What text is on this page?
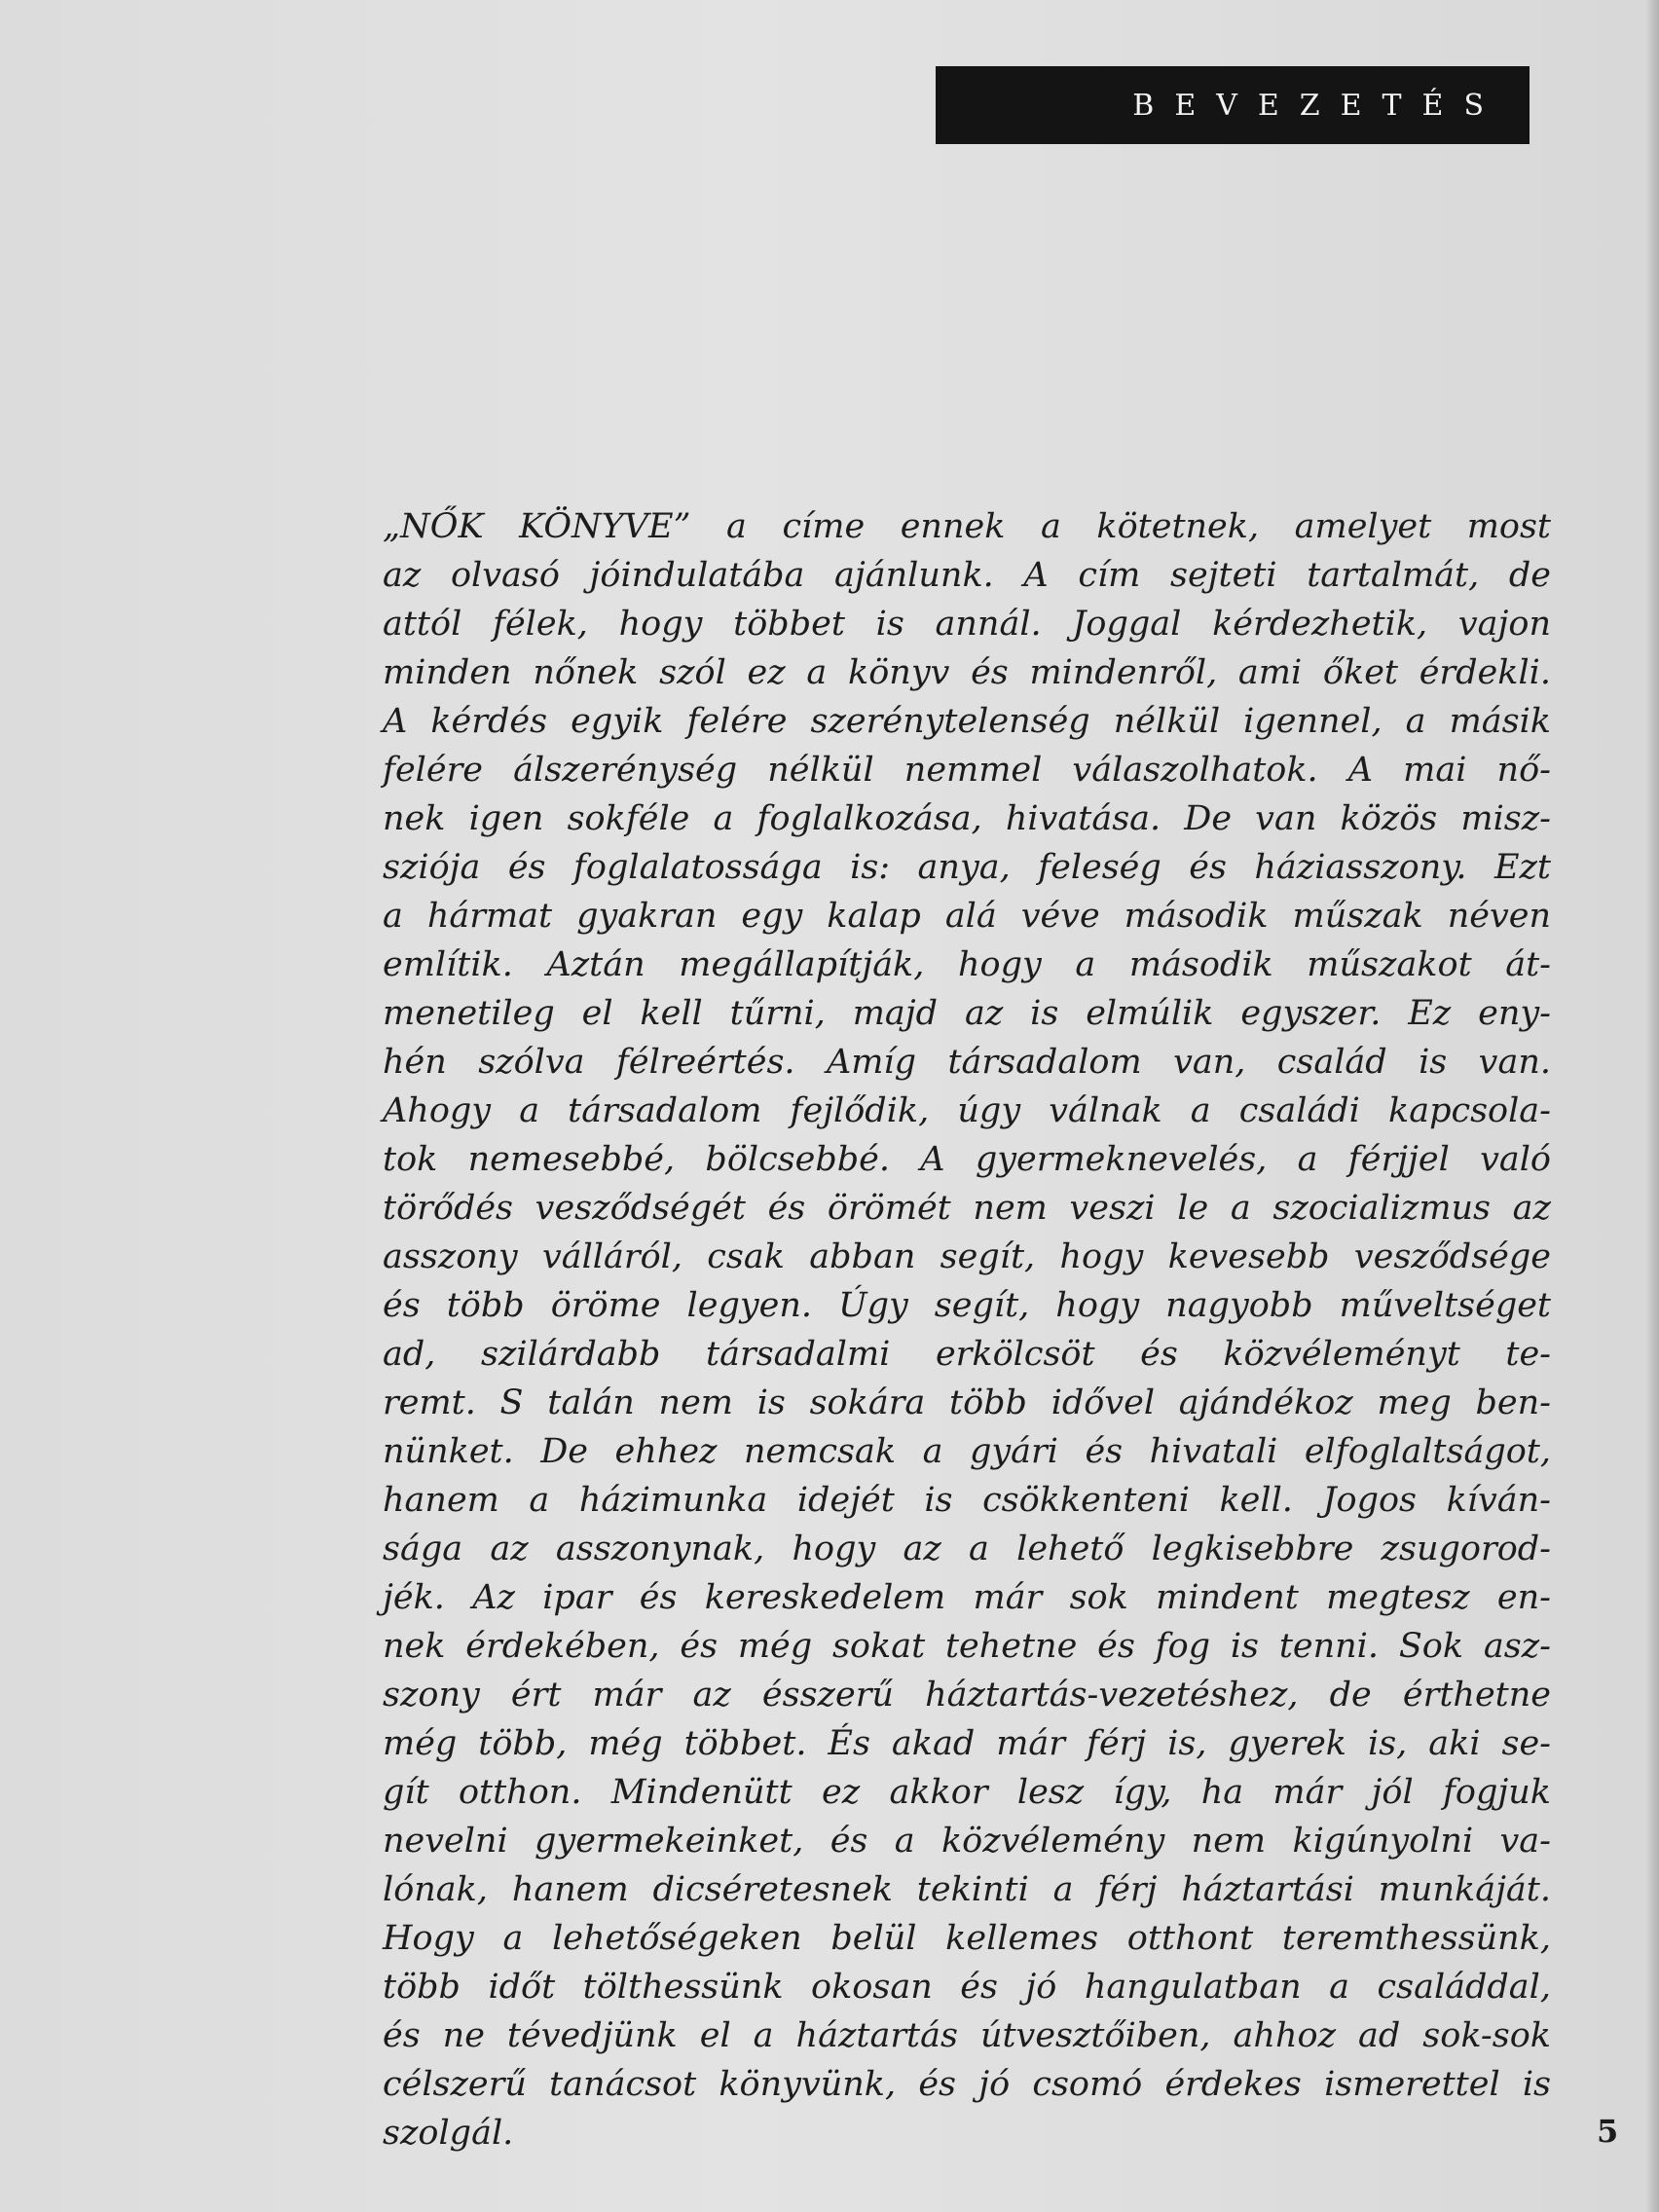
BEVEZETÉS
„NŐK KÖNYVE” a címe ennek a kötetnek, amelyet most
az olvasó jóindulatába ajánlunk. A cím sejteti tartalmát, de
attól félek, hogy többet is annál. Joggal kérdezhetik, vajon
minden nőnek szól ez a könyv és mindenről, ami őket érdekli.
A kérdés egyik felére szerénytelenség nélkül igennel, a másik
felére álszerénység nélkül nemmel válaszolhatok. A mai nő-
nek igen sokféle a foglalkozása, hivatása. De van közös misz-
sziója és foglalatossága is: anya, feleség és háziasszony. Ezt
a hármat gyakran egy kalap alá véve második műszak néven
említik. Aztán megállapítják, hogy a második műszakot át-
menetileg el kell tűrni, majd az is elmúlik egyszer. Ez eny-
hén szólva félreértés. Amíg társadalom van, család is van.
Ahogy a társadalom fejlődik, úgy válnak a családi kapcsola-
tok nemesebbé, bölcsebbé. A gyermeknevelés, a férjjel való
törődés vesződségét és örömét nem veszi le a szocializmus az
asszony válláról, csak abban segít, hogy kevesebb vesződsége
és több öröme legyen. Úgy segít, hogy nagyobb műveltséget
ad, szilárdabb társadalmi erkölcsöt és közvéleményt te-
remt. S talán nem is sokára több idővel ajándékoz meg ben-
nünket. De ehhez nemcsak a gyári és hivatali elfoglaltságot,
hanem a házimunka idejét is csökkenteni kell. Jogos kíván-
sága az asszonynak, hogy az a lehető legkisebbre zsugorod-
jék. Az ipar és kereskedelem már sok mindent megtesz en-
nek érdekében, és még sokat tehetne és fog is tenni. Sok asz-
szony ért már az ésszerű háztartás-vezetéshez, de érthetne
még több, még többet. És akad már férj is, gyerek is, aki se-
gít otthon. Mindenütt ez akkor lesz így, ha már jól fogjuk
nevelni gyermekeinket, és a közvélemény nem kigúnyolni va-
lónak, hanem dicséretesnek tekinti a férj háztartási munkáját.
Hogy a lehetőségeken belül kellemes otthont teremthessünk,
több időt tölthessünk okosan és jó hangulatban a családdal,
és ne tévedjünk el a háztartás útvesztőiben, ahhoz ad sok-sok
célszerű tanácsot könyvünk, és jó csomó érdekes ismerettel is
szolgál.	5
